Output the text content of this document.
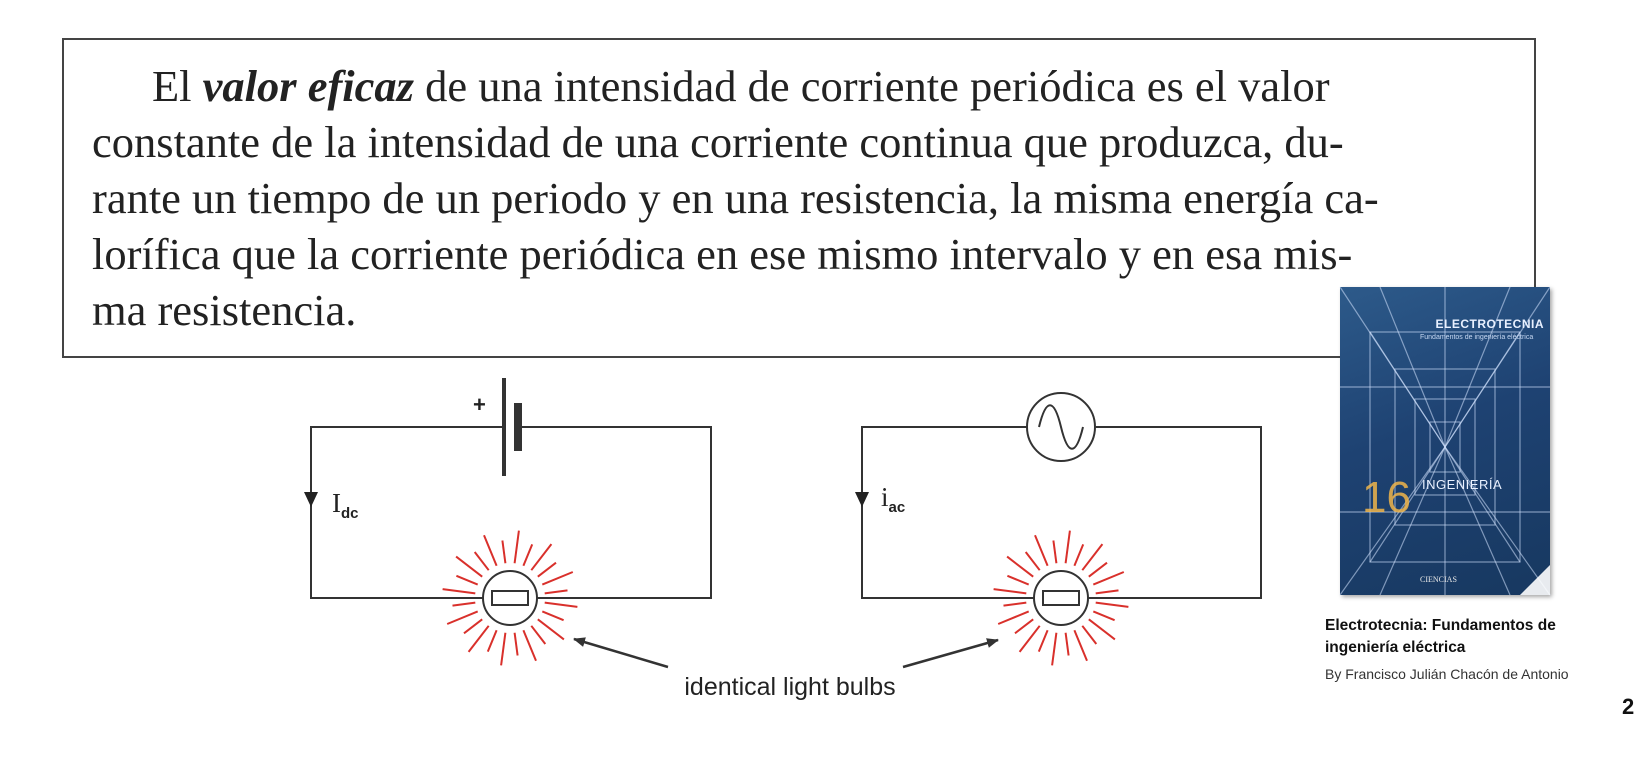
El valor eficaz de una intensidad de corriente periódica es el valor
constante de la intensidad de una corriente continua que produzca, du-
rante un tiempo de un periodo y en una resistencia, la misma energía ca-
lorífica que la corriente periódica en ese mismo intervalo y en esa mis-
ma resistencia.

+
Idc
iac
identical light bulbs
ELECTROTECNIA
Fundamentos de ingeniería eléctrica
16 INGENIERÍA
CIENCIAS

Electrotecnia: Fundamentos de ingeniería eléctrica

By Francisco Julián Chacón de Antonio

2
